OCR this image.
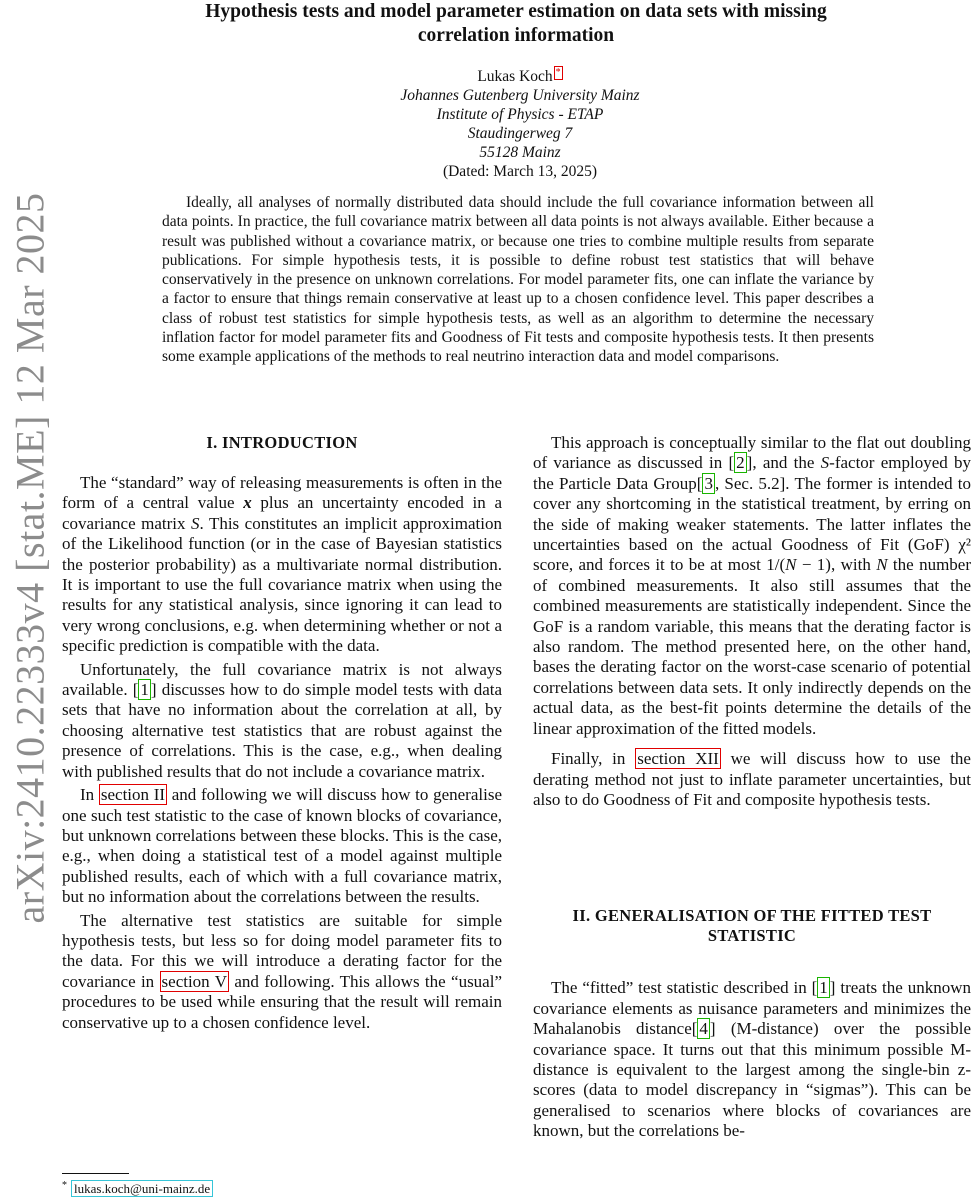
arXiv:2410.22333v4 [stat.ME] 12 Mar 2025
Hypothesis tests and model parameter estimation on data sets with missing
correlation information
Lukas Koch *
Johannes Gutenberg University Mainz
Institute of Physics - ETAP
Staudingerweg 7
55128 Mainz
(Dated: March 13, 2025)
Ideally, all analyses of normally distributed data should include the full covariance information between all data points. In practice, the full covariance matrix between all data points is not always available. Either because a result was published without a covariance matrix, or because one tries to combine multiple results from separate publications. For simple hypothesis tests, it is possible to define robust test statistics that will behave conservatively in the presence on unknown correlations. For model parameter fits, one can inflate the variance by a factor to ensure that things remain conservative at least up to a chosen confidence level. This paper describes a class of robust test statistics for simple hypothesis tests, as well as an algorithm to determine the necessary inflation factor for model parameter fits and Goodness of Fit tests and composite hypothesis tests. It then presents some example applications of the methods to real neutrino interaction data and model comparisons.

I. INTRODUCTION

The “standard” way of releasing measurements is often in the form of a central value x plus an uncertainty encoded in a covariance matrix S. This constitutes an implicit approximation of the Likelihood function (or in the case of Bayesian statistics the posterior probability) as a multivariate normal distribution. It is important to use the full covariance matrix when using the results for any statistical analysis, since ignoring it can lead to very wrong conclusions, e.g. when determining whether or not a specific prediction is compatible with the data.

Unfortunately, the full covariance matrix is not always available. [ 1 ] discusses how to do simple model tests with data sets that have no information about the correlation at all, by choosing alternative test statistics that are robust against the presence of correlations. This is the case, e.g., when dealing with published results that do not include a covariance matrix.

In section II and following we will discuss how to generalise one such test statistic to the case of known blocks of covariance, but unknown correlations between these blocks. This is the case, e.g., when doing a statistical test of a model against multiple published results, each of which with a full covariance matrix, but no information about the correlations between the results.

The alternative test statistics are suitable for simple hypothesis tests, but less so for doing model parameter fits to the data. For this we will introduce a derating factor for the covariance in section V and following. This allows the “usual” procedures to be used while ensuring that the result will remain conservative up to a chosen confidence level.

This approach is conceptually similar to the flat out doubling of variance as discussed in [ 2 ], and the S-factor employed by the Particle Data Group[ 3 , Sec. 5.2]. The former is intended to cover any shortcoming in the statistical treatment, by erring on the side of making weaker statements. The latter inflates the uncertainties based on the actual Goodness of Fit (GoF) χ² score, and forces it to be at most 1/(N − 1), with N the number of combined measurements. It also still assumes that the combined measurements are statistically independent. Since the GoF is a random variable, this means that the derating factor is also random. The method presented here, on the other hand, bases the derating factor on the worst-case scenario of potential correlations between data sets. It only indirectly depends on the actual data, as the best-fit points determine the details of the linear approximation of the fitted models.

Finally, in section XII we will discuss how to use the derating method not just to inflate parameter uncertainties, but also to do Goodness of Fit and composite hypothesis tests.

II. GENERALISATION OF THE FITTED TEST STATISTIC

The “fitted” test statistic described in [ 1 ] treats the unknown covariance elements as nuisance parameters and minimizes the Mahalanobis distance[ 4 ] (M-distance) over the possible covariance space. It turns out that this minimum possible M-distance is equivalent to the largest among the single-bin z-scores (data to model discrepancy in “sigmas”). This can be generalised to scenarios where blocks of covariances are known, but the correlations be-

* lukas.koch@uni-mainz.de
